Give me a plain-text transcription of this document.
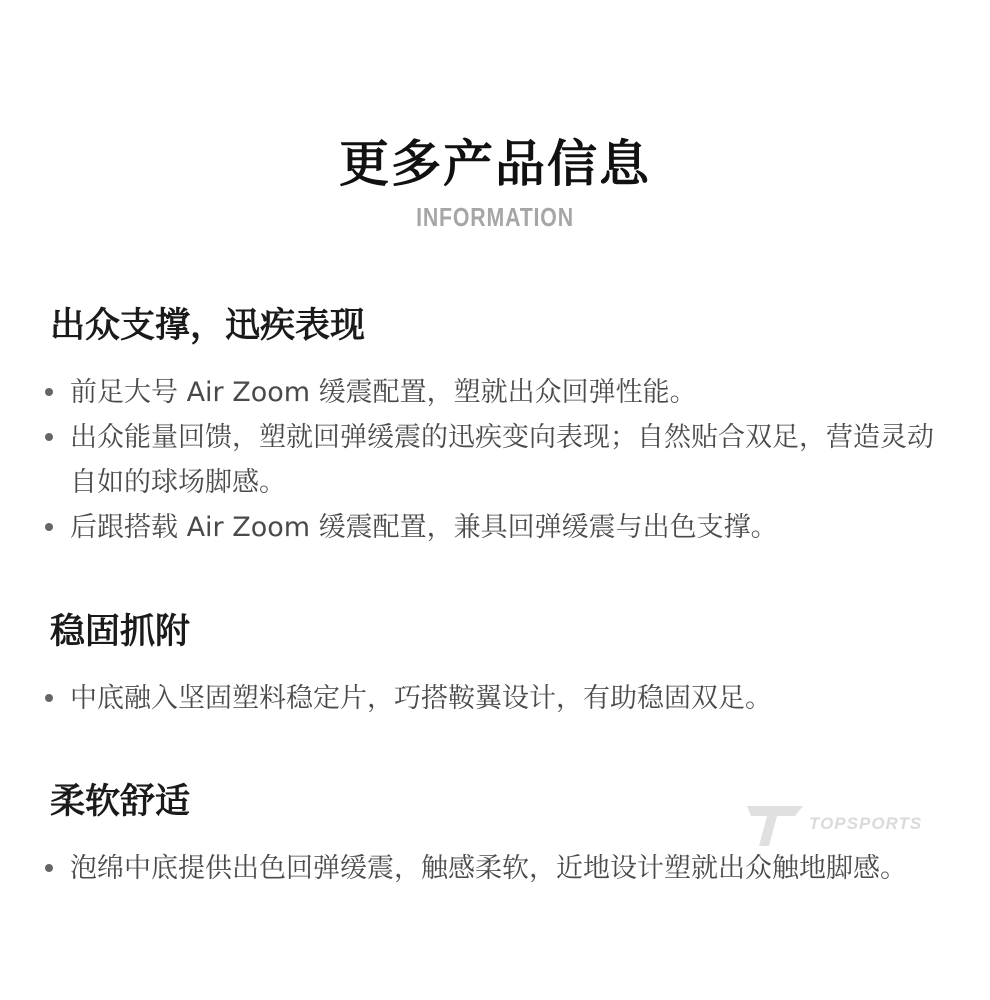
更多产品信息
INFORMATION
出众支撑，迅疾表现
前足大号 Air Zoom 缓震配置，塑就出众回弹性能。
出众能量回馈，塑就回弹缓震的迅疾变向表现；自然贴合双足，营造灵动自如的球场脚感。
后跟搭载 Air Zoom 缓震配置，兼具回弹缓震与出色支撑。
稳固抓附
中底融入坚固塑料稳定片，巧搭鞍翼设计，有助稳固双足。
柔软舒适
泡绵中底提供出色回弹缓震，触感柔软，近地设计塑就出众触地脚感。
TOPSPORTS
